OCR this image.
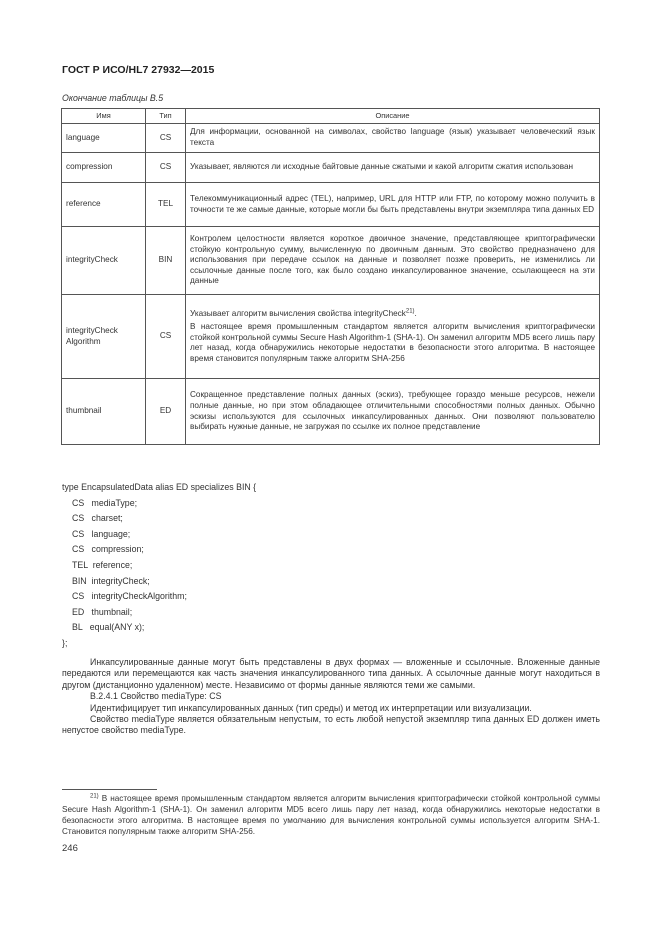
ГОСТ Р ИСО/HL7 27932—2015
Окончание таблицы В.5
Имя	Тип	Описание
language	CS	Для информации, основанной на символах, свойство language (язык) указывает человеческий язык текста

compression	CS	Указывает, являются ли исходные байтовые данные сжатыми и какой алгоритм сжатия использован

reference	TEL	Телекоммуникационный адрес (TEL), например, URL для HTTP или FTP, по которому можно получить в точности те же самые данные, которые могли бы быть представлены внутри экземпляра типа данных ED

integrityCheck	BIN	Контролем целостности является короткое двоичное значение, представляющее криптографически стойкую контрольную сумму, вычисленную по двоичным данным. Это свойство предназначено для использования при передаче ссылок на данные и позволяет позже проверить, не изменились ли ссылочные данные после того, как было создано инкапсулированное значение, ссылающееся на эти данные

integrityCheck Algorithm	CS	Указывает алгоритм вычисления свойства integrityCheck$^{21)}$.

В настоящее время промышленным стандартом является алгоритм вычисления криптографически стойкой контрольной суммы Secure Hash Algorithm-1 (SHA-1). Он заменил алгоритм MD5 всего лишь пару лет назад, когда обнаружились некоторые недостатки в безопасности этого алгоритма. В настоящее время становится популярным также алгоритм SHA-256

thumbnail	ED	Сокращенное представление полных данных (эскиз), требующее гораздо меньше ресурсов, нежели полные данные, но при этом обладающее отличительными способностями полных данных. Обычно эскизы используются для ссылочных инкапсулированных данных. Они позволяют пользователю выбирать нужные данные, не загружая по ссылке их полное представление

type EncapsulatedData alias ED specializes BIN {
CS   mediaType;
CS   charset;
CS   language;
CS   compression;
TEL  reference;
BIN  integrityCheck;
CS   integrityCheckAlgorithm;
ED   thumbnail;
BL   equal(ANY x);
};

Инкапсулированные данные могут быть представлены в двух формах — вложенные и ссылочные. Вложенные данные передаются или перемещаются как часть значения инкапсулированного типа данных. А ссылочные данные могут находиться в другом (дистанционно удаленном) месте. Независимо от формы данные являются теми же самыми.

B.2.4.1 Свойство mediaType: CS

Идентифицирует тип инкапсулированных данных (тип среды) и метод их интерпретации или визуализации.

Свойство mediaType является обязательным непустым, то есть любой непустой экземпляр типа данных ED должен иметь непустое свойство mediaType.

$^{21)}$ В настоящее время промышленным стандартом является алгоритм вычисления криптографически стойкой контрольной суммы Secure Hash Algorithm-1 (SHA-1). Он заменил алгоритм MD5 всего лишь пару лет назад, когда обнаружились некоторые недостатки в безопасности этого алгоритма. В настоящее время по умолчанию для вычисления контрольной суммы используется алгоритм SHA-1. Становится популярным также алгоритм SHA-256.
246
